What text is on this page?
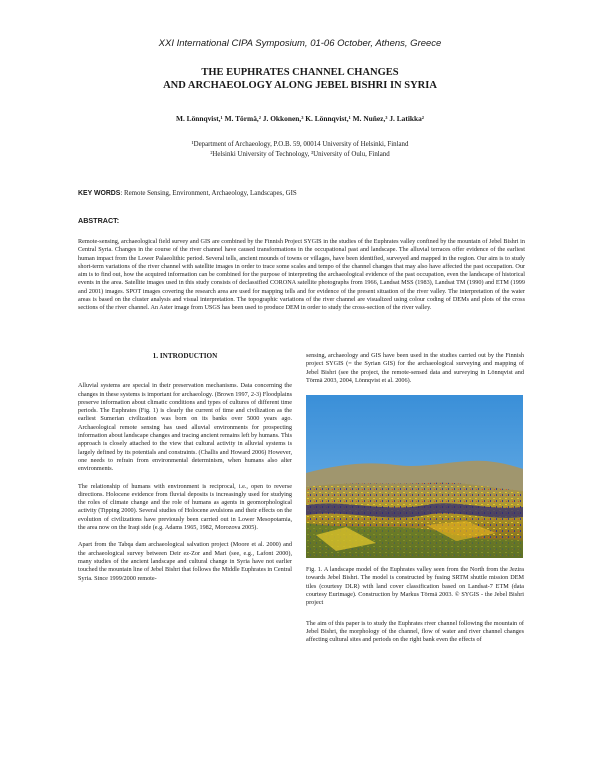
XXI International CIPA Symposium, 01-06 October, Athens, Greece
THE EUPHRATES CHANNEL CHANGES
AND ARCHAEOLOGY ALONG JEBEL BISHRI IN SYRIA
M. Lönnqvist,¹ M. Törmä,² J. Okkonen,³ K. Lönnqvist,¹ M. Nuñez,³ J. Latikka²
¹Department of Archaeology, P.O.B. 59, 00014 University of Helsinki, Finland
²Helsinki University of Technology, ³University of Oulu, Finland
KEY WORDS: Remote Sensing, Environment, Archaeology, Landscapes, GIS
ABSTRACT:

Remote-sensing, archaeological field survey and GIS are combined by the Finnish Project SYGIS in the studies of the Euphrates valley confined by the mountain of Jebel Bishri in Central Syria. Changes in the course of the river channel have caused transformations in the occupational past and landscape. The alluvial terraces offer evidence of the earliest human impact from the Lower Palaeolithic period. Several tells, ancient mounds of towns or villages, have been identified, surveyed and mapped in the region. Our aim is to study short-term variations of the river channel with satellite images in order to trace some scales and tempo of the channel changes that may also have affected the past occupation. Our aim is to find out, how the acquired information can be combined for the purpose of interpreting the archaeological evidence of the past occupation, even the landscape of historical events in the area. Satellite images used in this study consists of declassified CORONA satellite photographs from 1966, Landsat MSS (1983), Landsat TM (1990) and ETM (1999 and 2001) images. SPOT images covering the research area are used for mapping tells and for evidence of the present situation of the river valley. The interpretation of the water areas is based on the cluster analysis and visual interpretation. The topographic variations of the river channel are visualized using colour coding of DEMs and plots of the cross sections of the river channel. An Aster image from USGS has been used to produce DEM in order to study the cross-section of the river valley.

1. INTRODUCTION

Alluvial systems are special in their preservation mechanisms. Data concerning the changes in these systems is important for archaeology. (Brown 1997, 2-3) Floodplains preserve information about climatic conditions and types of cultures of different time periods. The Euphrates (Fig. 1) is clearly the current of time and civilization as the earliest Sumerian civilization was born on its banks over 5000 years ago. Archaeological remote sensing has used alluvial environments for prospecting information about landscape changes and tracing ancient remains left by humans. This approach is closely attached to the view that cultural activity in alluvial systems is largely defined by its potentials and constraints. (Challis and Howard 2006) However, one needs to refrain from environmental determinism, when humans also alter environments.

The relationship of humans with environment is reciprocal, i.e., open to reverse directions. Holocene evidence from fluvial deposits is increasingly used for studying the roles of climate change and the role of humans as agents in geomorphological activity (Tipping 2000). Several studies of Holocene avulsions and their effects on the evolution of civilizations have previously been carried out in Lower Mesopotamia, the area now on the Iraqi side (e.g. Adams 1965, 1982, Morozova 2005).

Apart from the Tabqa dam archaeological salvation project (Moore et al. 2000) and the archaeological survey between Deir ez-Zor and Mari (see, e.g., Lafont 2000), many studies of the ancient landscape and cultural change in Syria have not earlier touched the mountain line of Jebel Bishri that follows the Middle Euphrates in Central Syria. Since 1999/2000 remote-

sensing, archaeology and GIS have been used in the studies carried out by the Finnish project SYGIS (= the Syrian GIS) for the archaeological surveying and mapping of Jebel Bishri (see the project, the remote-sensed data and surveying in Lönnqvist and Törmä 2003, 2004, Lönnqvist et al. 2006).

Fig. 1. A landscape model of the Euphrates valley seen from the North from the Jezira towards Jebel Bishri. The model is constructed by fusing SRTM shuttle mission DEM tiles (courtesy DLR) with land cover classification based on Landsat-7 ETM (data courtesy Eurimage). Construction by Markus Törmä 2003. © SYGIS - the Jebel Bishri project

The aim of this paper is to study the Euphrates river channel following the mountain of Jebel Bishri, the morphology of the channel, flow of water and river channel changes affecting cultural sites and periods on the right bank even the effects of
